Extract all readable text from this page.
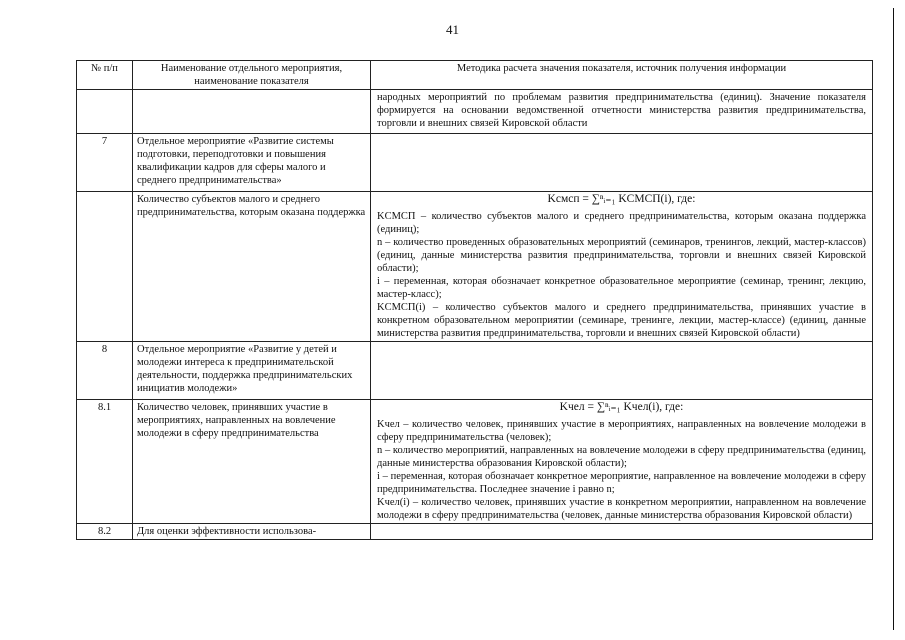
41
№ п/п	Наименование отдельного мероприятия, наименование показателя	Методика расчета значения показателя, источник получения информации
		народных мероприятий по проблемам развития предпринимательства (единиц). Значение показателя формируется на основании ведомственной отчетности министерства развития предпринимательства, торговли и внешних связей Кировской области
7	Отдельное мероприятие «Развитие системы подготовки, переподготовки и повышения квалификации кадров для сферы малого и среднего предпринимательства»	
	Количество субъектов малого и среднего предпринимательства, которым оказана поддержка	Kсмсп = ∑ⁿᵢ₌₁ KСМСП(i), где:

KСМСП – количество субъектов малого и среднего предпринимательства, которым оказана поддержка (единиц);

n – количество проведенных образовательных мероприятий (семинаров, тренингов, лекций, мастер-классов) (единиц, данные министерства развития предпринимательства, торговли и внешних связей Кировской области);

i – переменная, которая обозначает конкретное образовательное мероприятие (семинар, тренинг, лекцию, мастер-класс);

KСМСП(i) – количество субъектов малого и среднего предпринимательства, принявших участие в конкретном образовательном мероприятии (семинаре, тренинге, лекции, мастер-классе) (единиц, данные министерства развития предпринимательства, торговли и внешних связей Кировской области)

8	Отдельное мероприятие «Развитие у детей и молодежи интереса к предпринимательской деятельности, поддержка предпринимательских инициатив молодежи»	
8.1	Количество человек, принявших участие в мероприятиях, направленных на вовлечение молодежи в сферу предпринимательства	Kчел = ∑ⁿᵢ₌₁ Kчел(i), где:

Kчел – количество человек, принявших участие в мероприятиях, направленных на вовлечение молодежи в сферу предпринимательства (человек);

n – количество мероприятий, направленных на вовлечение молодежи в сферу предпринимательства (единиц, данные министерства образования Кировской области);

i – переменная, которая обозначает конкретное мероприятие, направленное на вовлечение молодежи в сферу предпринимательства. Последнее значение i равно n;

Kчел(i) – количество человек, принявших участие в конкретном мероприятии, направленном на вовлечение молодежи в сферу предпринимательства (человек, данные министерства образования Кировской области)

8.2	Для оценки эффективности использова-	
